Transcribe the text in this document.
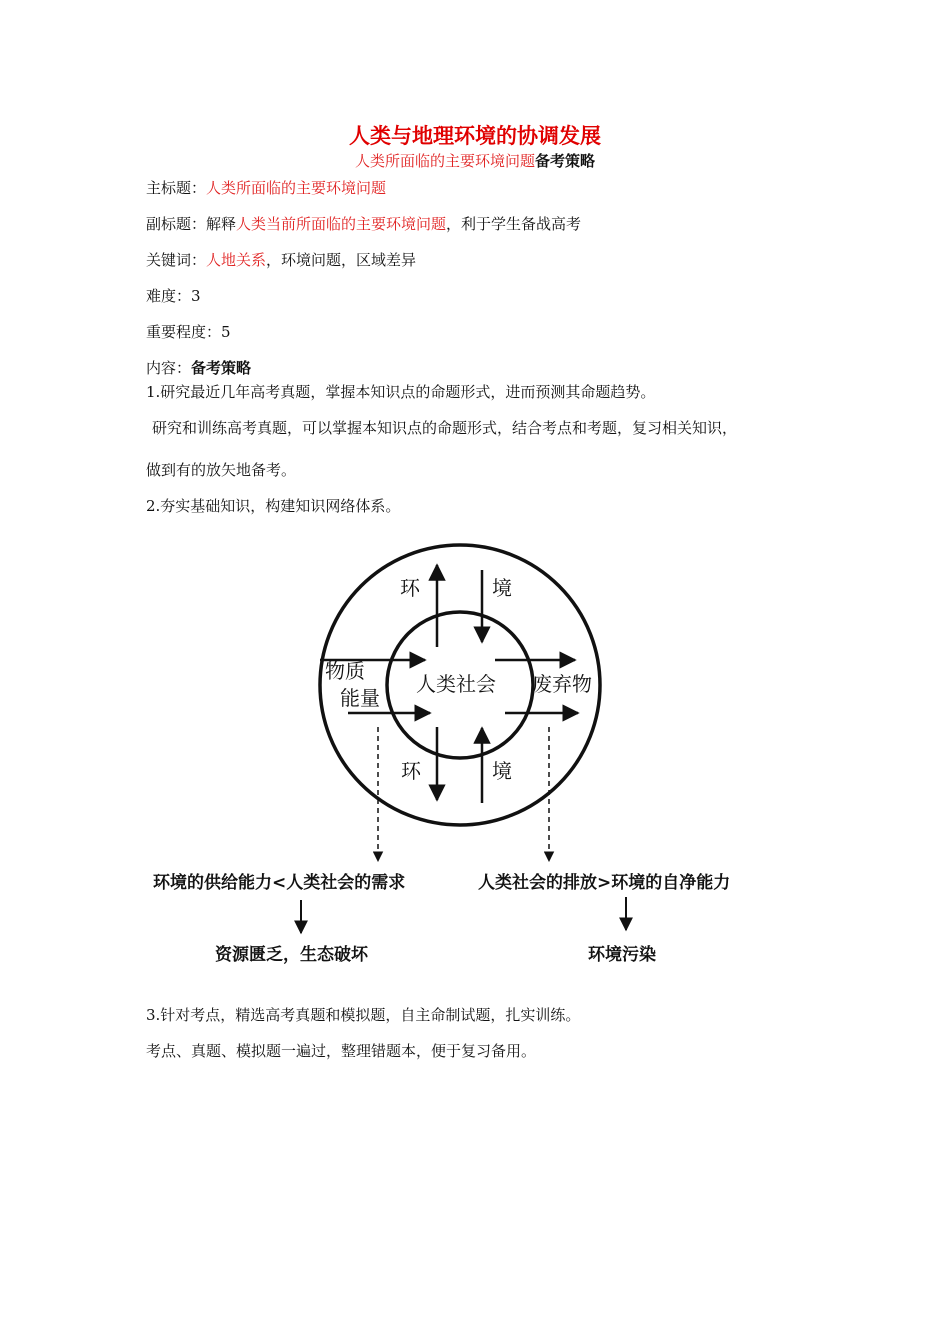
人类与地理环境的协调发展
人类所面临的主要环境问题备考策略
主标题：人类所面临的主要环境问题
副标题：解释人类当前所面临的主要环境问题，利于学生备战高考
关键词：人地关系，环境问题，区域差异
难度：3
重要程度：5
内容：备考策略
1.研究最近几年高考真题，掌握本知识点的命题形式，进而预测其命题趋势。
研究和训练高考真题，可以掌握本知识点的命题形式，结合考点和考题，复习相关知识，
做到有的放矢地备考。
2.夯实基础知识，构建知识网络体系。
环	境
环	境
物质
能量
人类社会 废弃物
环境的供给能力<人类社会的需求	人类社会的排放>环境的自净能力
资源匮乏，生态破坏	环境污染
3.针对考点，精选高考真题和模拟题，自主命制试题，扎实训练。
考点、真题、模拟题一遍过，整理错题本，便于复习备用。
